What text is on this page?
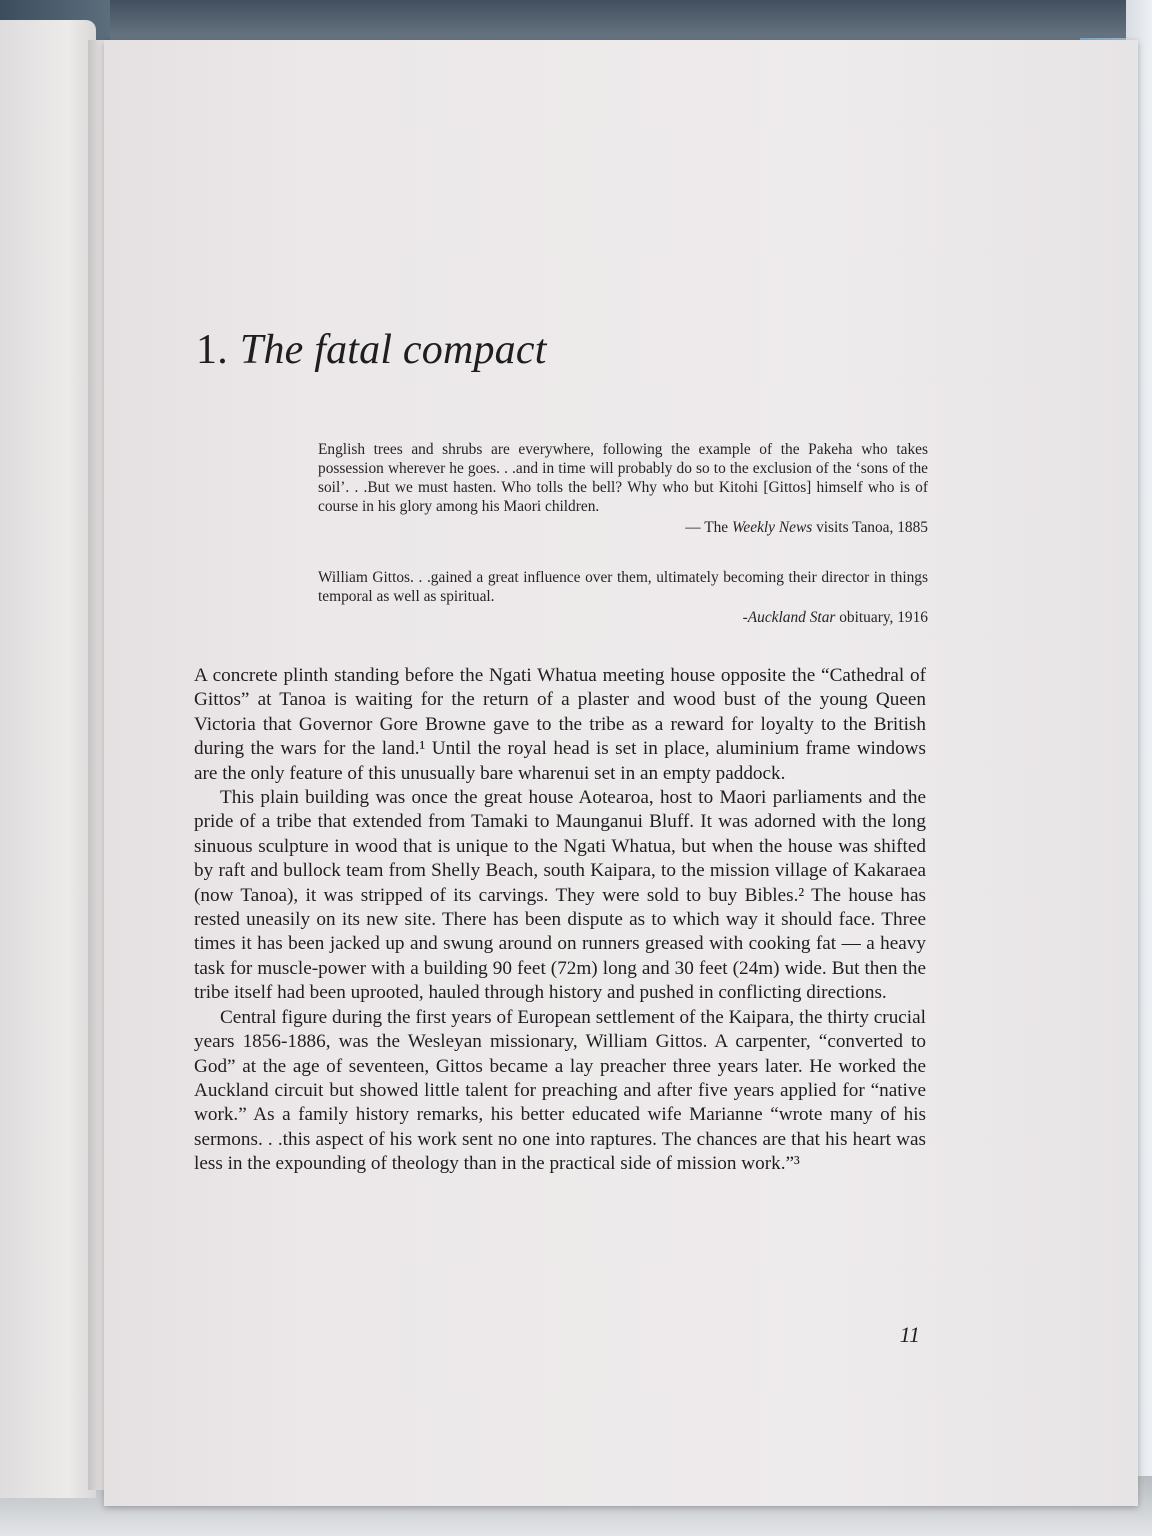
1. The fatal compact
English trees and shrubs are everywhere, following the example of the Pakeha who takes possession wherever he goes. . .and in time will probably do so to the exclusion of the ‘sons of the soil’. . .But we must hasten. Who tolls the bell? Why who but Kitohi [Gittos] himself who is of course in his glory among his Maori children.
— The Weekly News visits Tanoa, 1885
William Gittos. . .gained a great influence over them, ultimately becoming their director in things temporal as well as spiritual.
-Auckland Star obituary, 1916

A concrete plinth standing before the Ngati Whatua meeting house opposite the “Cathedral of Gittos” at Tanoa is waiting for the return of a plaster and wood bust of the young Queen Victoria that Governor Gore Browne gave to the tribe as a reward for loyalty to the British during the wars for the land.¹ Until the royal head is set in place, aluminium frame windows are the only feature of this unusually bare wharenui set in an empty paddock.

This plain building was once the great house Aotearoa, host to Maori parliaments and the pride of a tribe that extended from Tamaki to Maunganui Bluff. It was adorned with the long sinuous sculpture in wood that is unique to the Ngati Whatua, but when the house was shifted by raft and bullock team from Shelly Beach, south Kaipara, to the mission village of Kakaraea (now Tanoa), it was stripped of its carvings. They were sold to buy Bibles.² The house has rested uneasily on its new site. There has been dispute as to which way it should face. Three times it has been jacked up and swung around on runners greased with cooking fat — a heavy task for muscle-power with a building 90 feet (72m) long and 30 feet (24m) wide. But then the tribe itself had been uprooted, hauled through history and pushed in conflicting directions.

Central figure during the first years of European settlement of the Kaipara, the thirty crucial years 1856-1886, was the Wesleyan missionary, William Gittos. A carpenter, “converted to God” at the age of seventeen, Gittos became a lay preacher three years later. He worked the Auckland circuit but showed little talent for preaching and after five years applied for “native work.” As a family history remarks, his better educated wife Marianne “wrote many of his sermons. . .this aspect of his work sent no one into raptures. The chances are that his heart was less in the expounding of theology than in the practical side of mission work.”³

11
